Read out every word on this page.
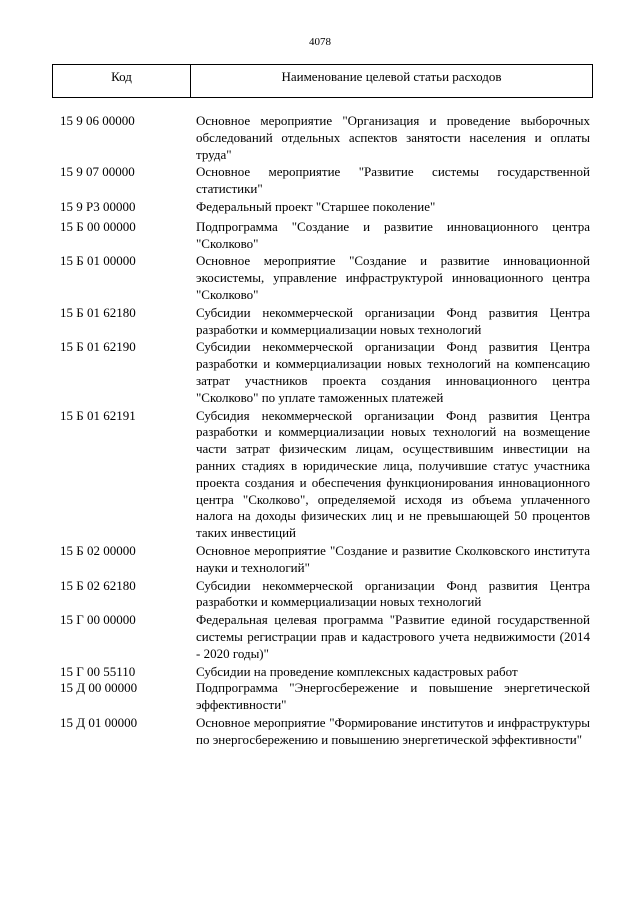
4078
Код	Наименование целевой статьи расходов
15 9 06 00000	Основное мероприятие "Организация и проведение выборочных обследований отдельных аспектов занятости населения и оплаты труда"
15 9 07 00000	Основное мероприятие "Развитие системы государственной статистики"
15 9 P3 00000	Федеральный проект "Старшее поколение"
15 Б 00 00000	Подпрограмма "Создание и развитие инновационного центра "Сколково"
15 Б 01 00000	Основное мероприятие "Создание и развитие инновационной экосистемы, управление инфраструктурой инновационного центра "Сколково"
15 Б 01 62180	Субсидии некоммерческой организации Фонд развития Центра разработки и коммерциализации новых технологий
15 Б 01 62190	Субсидии некоммерческой организации Фонд развития Центра разработки и коммерциализации новых технологий на компенсацию затрат участников проекта создания инновационного центра "Сколково" по уплате таможенных платежей
15 Б 01 62191	Субсидия некоммерческой организации Фонд развития Центра разработки и коммерциализации новых технологий на возмещение части затрат физическим лицам, осуществившим инвестиции на ранних стадиях в юридические лица, получившие статус участника проекта создания и обеспечения функционирования инновационного центра "Сколково", определяемой исходя из объема уплаченного налога на доходы физических лиц и не превышающей 50 процентов таких инвестиций
15 Б 02 00000	Основное мероприятие "Создание и развитие Сколковского института науки и технологий"
15 Б 02 62180	Субсидии некоммерческой организации Фонд развития Центра разработки и коммерциализации новых технологий
15 Г 00 00000	Федеральная целевая программа "Развитие единой государственной системы регистрации прав и кадастрового учета недвижимости (2014 - 2020 годы)"
15 Г 00 55110	Субсидии на проведение комплексных кадастровых работ
15 Д 00 00000	Подпрограмма "Энергосбережение и повышение энергетической эффективности"
15 Д 01 00000	Основное мероприятие "Формирование институтов и инфраструктуры по энергосбережению и повышению энергетической эффективности"
